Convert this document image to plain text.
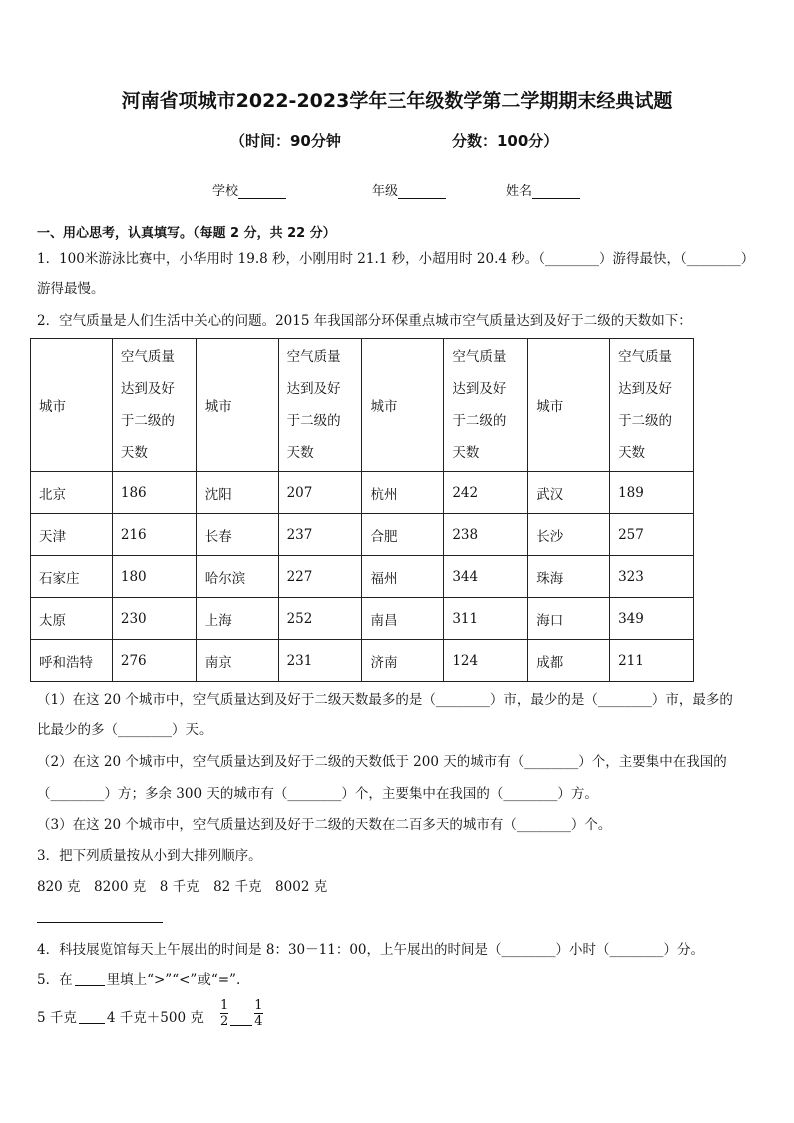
河南省项城市2022-2023学年三年级数学第二学期期末经典试题
（时间：90分钟	分数：100分）
学校	年级	姓名
一、用心思考，认真填写。（每题 2 分，共 22 分）
1．100米游泳比赛中，小华用时 19.8 秒，小刚用时 21.1 秒，小超用时 20.4 秒。（________）游得最快，（________）
游得最慢。
2．空气质量是人们生活中关心的问题。2015 年我国部分环保重点城市空气质量达到及好于二级的天数如下：
城市	空气质量
达到及好
于二级的
天数	城市	空气质量
达到及好
于二级的
天数	城市	空气质量
达到及好
于二级的
天数	城市	空气质量
达到及好
于二级的
天数
北京	186	沈阳	207	杭州	242	武汉	189
天津	216	长春	237	合肥	238	长沙	257
石家庄	180	哈尔滨	227	福州	344	珠海	323
太原	230	上海	252	南昌	311	海口	349
呼和浩特	276	南京	231	济南	124	成都	211
（1）在这 20 个城市中，空气质量达到及好于二级天数最多的是（________）市，最少的是（________）市，最多的
比最少的多（________）天。
（2）在这 20 个城市中，空气质量达到及好于二级的天数低于 200 天的城市有（________）个，主要集中在我国的
（________）方；多余 300 天的城市有（________）个，主要集中在我国的（________）方。
（3）在这 20 个城市中，空气质量达到及好于二级的天数在二百多天的城市有（________）个。
3．把下列质量按从小到大排列顺序。
820 克　8200 克　8 千克　82 千克　8002 克
4．科技展览馆每天上午展出的时间是 8：30－11：00，上午展出的时间是（________）小时（________）分。
5．在	里填上“>”“<”或“=”.
5 千克 4 千克＋500 克 $\frac{1}{2} \frac{1}{4}$
